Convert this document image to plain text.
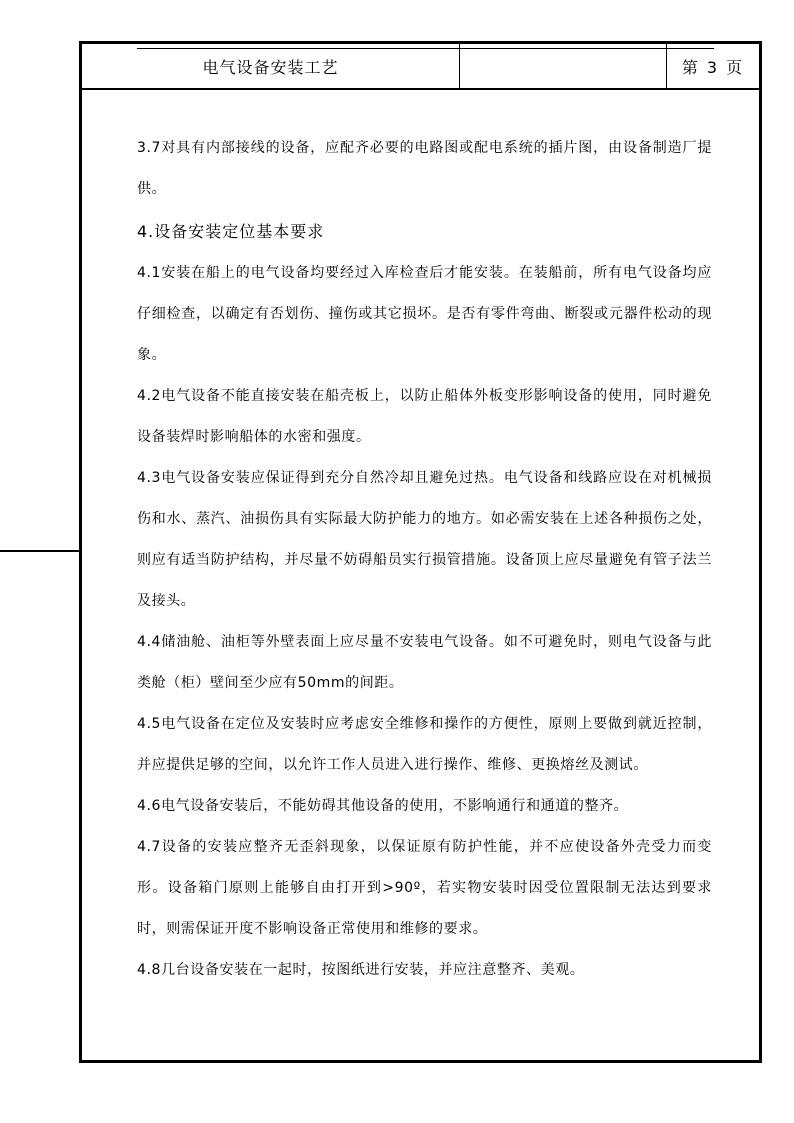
电气设备安装工艺	第 3 页

3.7对具有内部接线的设备，应配齐必要的电路图或配电系统的插片图，由设备制造厂提供。

4.设备安装定位基本要求

4.1安装在船上的电气设备均要经过入库检查后才能安装。在装船前，所有电气设备均应仔细检查，以确定有否划伤、撞伤或其它损坏。是否有零件弯曲、断裂或元器件松动的现象。

4.2电气设备不能直接安装在船壳板上，以防止船体外板变形影响设备的使用，同时避免设备装焊时影响船体的水密和强度。

4.3电气设备安装应保证得到充分自然冷却且避免过热。电气设备和线路应设在对机械损伤和水、蒸汽、油损伤具有实际最大防护能力的地方。如必需安装在上述各种损伤之处，则应有适当防护结构，并尽量不妨碍船员实行损管措施。设备顶上应尽量避免有管子法兰及接头。

4.4储油舱、油柜等外壁表面上应尽量不安装电气设备。如不可避免时，则电气设备与此类舱（柜）壁间至少应有50mm的间距。

4.5电气设备在定位及安装时应考虑安全维修和操作的方便性，原则上要做到就近控制，并应提供足够的空间，以允许工作人员进入进行操作、维修、更换熔丝及测试。

4.6电气设备安装后，不能妨碍其他设备的使用，不影响通行和通道的整齐。

4.7设备的安装应整齐无歪斜现象，以保证原有防护性能，并不应使设备外壳受力而变形。设备箱门原则上能够自由打开到>90º，若实物安装时因受位置限制无法达到要求时，则需保证开度不影响设备正常使用和维修的要求。

4.8几台设备安装在一起时，按图纸进行安装，并应注意整齐、美观。
